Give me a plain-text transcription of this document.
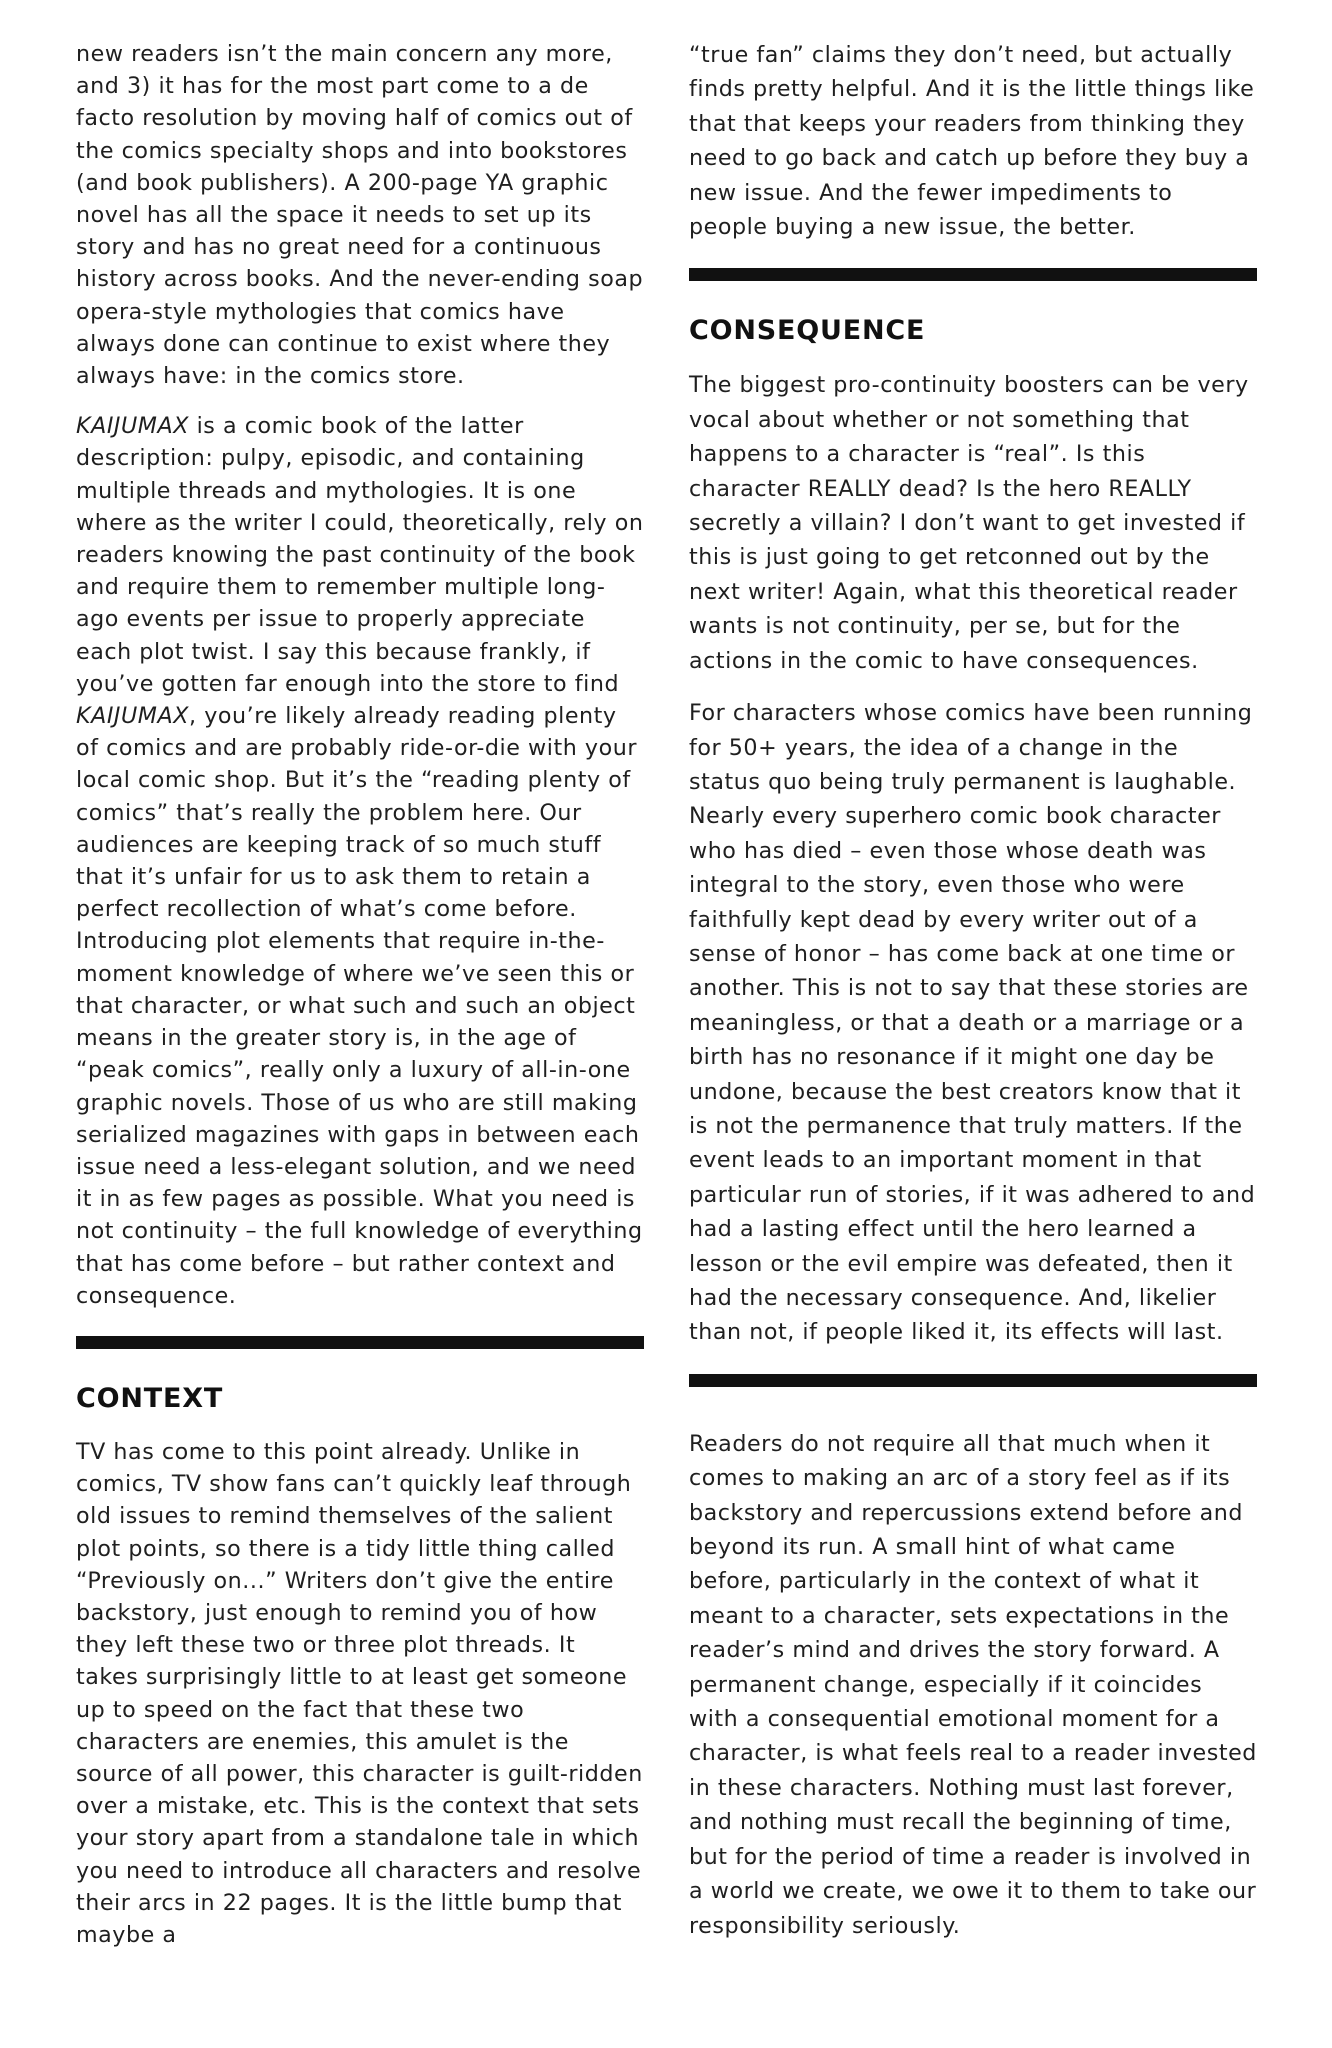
new readers isn’t the main concern any more, and 3) it has for the most part come to a de facto resolution by moving half of comics out of the comics specialty shops and into bookstores (and book publishers). A 200-page YA graphic novel has all the space it needs to set up its story and has no great need for a continuous history across books. And the never-ending soap opera-style mythologies that comics have always done can continue to exist where they always have: in the comics store.

KAIJUMAX is a comic book of the latter description: pulpy, episodic, and containing multiple threads and mythologies. It is one where as the writer I could, theoretically, rely on readers knowing the past continuity of the book and require them to remember multiple long-ago events per issue to properly appreciate each plot twist. I say this because frankly, if you’ve gotten far enough into the store to find KAIJUMAX, you’re likely already reading plenty of comics and are probably ride-or-die with your local comic shop. But it’s the “reading plenty of comics” that’s really the problem here. Our audiences are keeping track of so much stuff that it’s unfair for us to ask them to retain a perfect recollection of what’s come before. Introducing plot elements that require in-the-moment knowledge of where we’ve seen this or that character, or what such and such an object means in the greater story is, in the age of “peak comics”, really only a luxury of all-in-one graphic novels. Those of us who are still making serialized magazines with gaps in between each issue need a less-elegant solution, and we need it in as few pages as possible. What you need is not continuity – the full knowledge of everything that has come before – but rather context and consequence.

CONTEXT

TV has come to this point already. Unlike in comics, TV show fans can’t quickly leaf through old issues to remind themselves of the salient plot points, so there is a tidy little thing called “Previously on...” Writers don’t give the entire backstory, just enough to remind you of how they left these two or three plot threads. It takes surprisingly little to at least get someone up to speed on the fact that these two characters are enemies, this amulet is the source of all power, this character is guilt-ridden over a mistake, etc. This is the context that sets your story apart from a standalone tale in which you need to introduce all characters and resolve their arcs in 22 pages. It is the little bump that maybe a

“true fan” claims they don’t need, but actually finds pretty helpful. And it is the little things like that that keeps your readers from thinking they need to go back and catch up before they buy a new issue. And the fewer impediments to people buying a new issue, the better.

CONSEQUENCE

The biggest pro-continuity boosters can be very vocal about whether or not something that happens to a character is “real”. Is this character REALLY dead? Is the hero REALLY secretly a villain? I don’t want to get invested if this is just going to get retconned out by the next writer! Again, what this theoretical reader wants is not continuity, per se, but for the actions in the comic to have consequences.

For characters whose comics have been running for 50+ years, the idea of a change in the status quo being truly permanent is laughable. Nearly every superhero comic book character who has died – even those whose death was integral to the story, even those who were faithfully kept dead by every writer out of a sense of honor – has come back at one time or another. This is not to say that these stories are meaningless, or that a death or a marriage or a birth has no resonance if it might one day be undone, because the best creators know that it is not the permanence that truly matters. If the event leads to an important moment in that particular run of stories, if it was adhered to and had a lasting effect until the hero learned a lesson or the evil empire was defeated, then it had the necessary consequence. And, likelier than not, if people liked it, its effects will last.

Readers do not require all that much when it comes to making an arc of a story feel as if its backstory and repercussions extend before and beyond its run. A small hint of what came before, particularly in the context of what it meant to a character, sets expectations in the reader’s mind and drives the story forward. A permanent change, especially if it coincides with a consequential emotional moment for a character, is what feels real to a reader invested in these characters. Nothing must last forever, and nothing must recall the beginning of time, but for the period of time a reader is involved in a world we create, we owe it to them to take our responsibility seriously.
